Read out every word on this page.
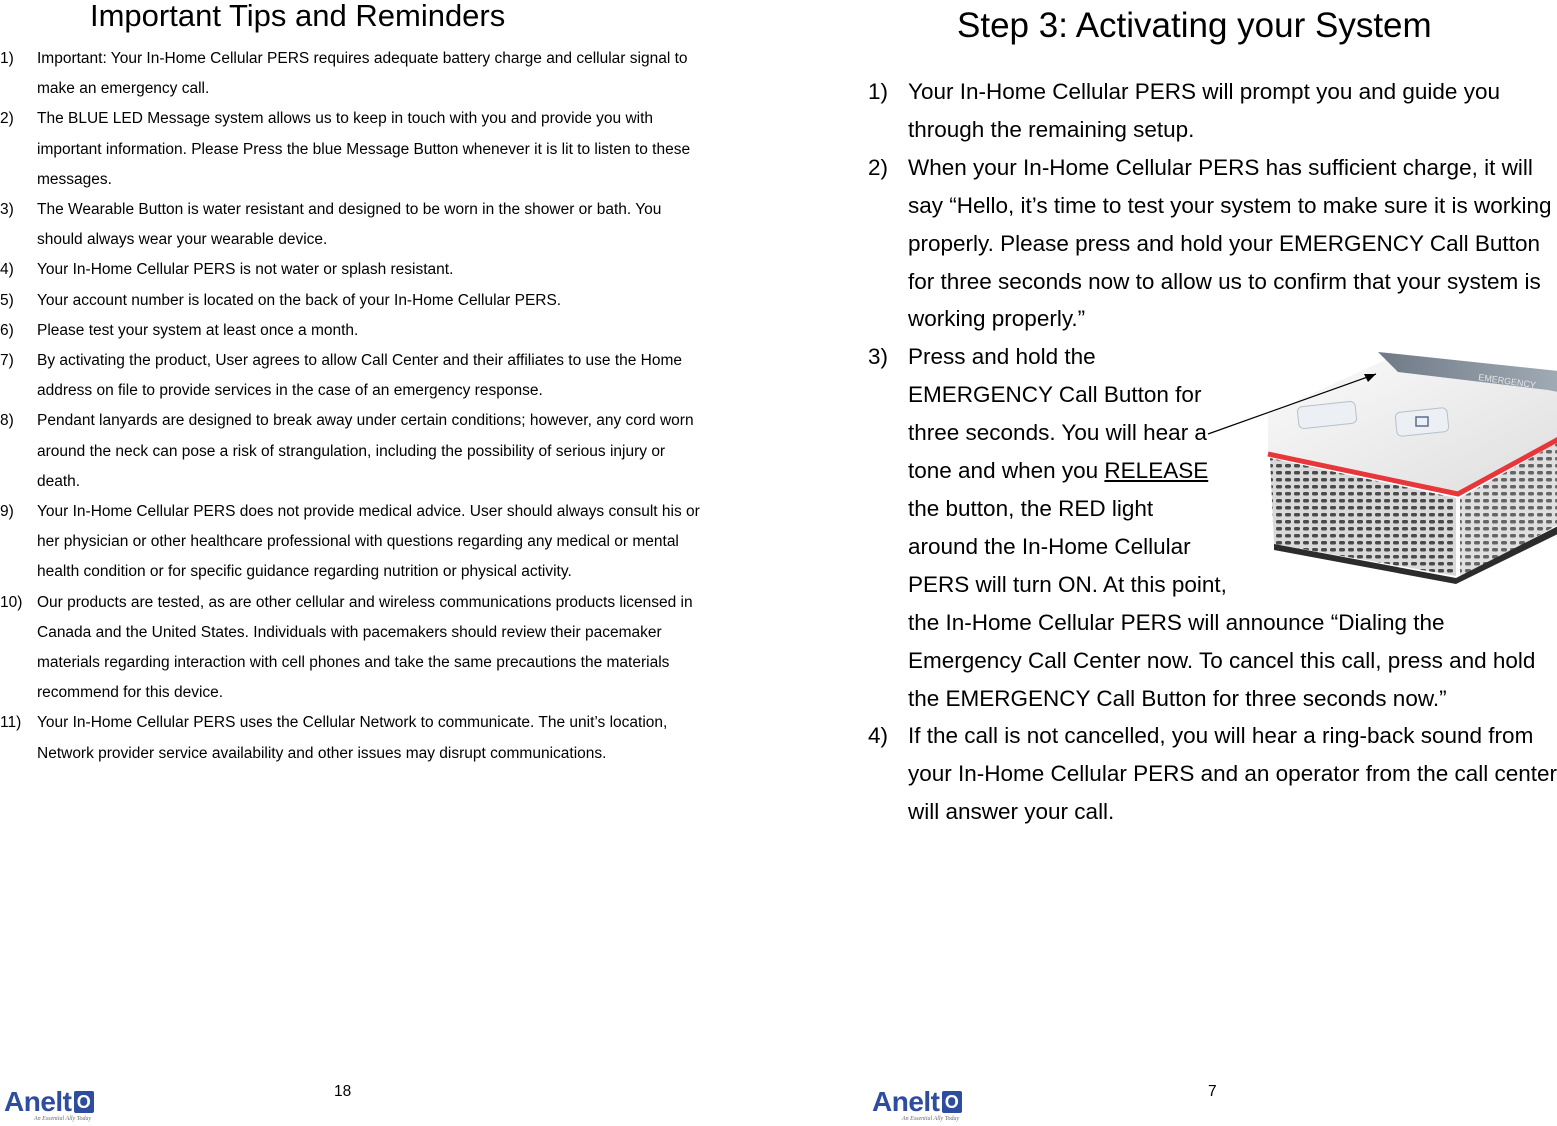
Important Tips and Reminders
1) Important: Your In-Home Cellular PERS requires adequate battery charge and cellular signal to make an emergency call.
2) The BLUE LED Message system allows us to keep in touch with you and provide you with important information. Please Press the blue Message Button whenever it is lit to listen to these messages.
3) The Wearable Button is water resistant and designed to be worn in the shower or bath. You should always wear your wearable device.
4) Your In-Home Cellular PERS is not water or splash resistant.
5) Your account number is located on the back of your In-Home Cellular PERS.
6) Please test your system at least once a month.
7) By activating the product, User agrees to allow Call Center and their affiliates to use the Home address on file to provide services in the case of an emergency response.
8) Pendant lanyards are designed to break away under certain conditions; however, any cord worn around the neck can pose a risk of strangulation, including the possibility of serious injury or death.
9) Your In-Home Cellular PERS does not provide medical advice. User should always consult his or her physician or other healthcare professional with questions regarding any medical or mental health condition or for specific guidance regarding nutrition or physical activity.
10) Our products are tested, as are other cellular and wireless communications products licensed in Canada and the United States. Individuals with pacemakers should review their pacemaker materials regarding interaction with cell phones and take the same precautions the materials recommend for this device.
11) Your In-Home Cellular PERS uses the Cellular Network to communicate. The unit’s location, Network provider service availability and other issues may disrupt communications.
Anelt O
An Essential Ally Today
18
Step 3: Activating your System
1) Your In-Home Cellular PERS will prompt you and guide you through the remaining setup.
2) When your In-Home Cellular PERS has sufficient charge, it will say “Hello, it’s time to test your system to make sure it is working properly. Please press and hold your EMERGENCY Call Button for three seconds now to allow us to confirm that your system is working properly.”
3)
EMERGENCY
Press and hold the EMERGENCY Call Button for three seconds. You will hear a tone and when you RELEASE the button, the RED light around the In-Home Cellular PERS will turn ON. At this point, the In-Home Cellular PERS will announce “Dialing the Emergency Call Center now. To cancel this call, press and hold the EMERGENCY Call Button for three seconds now.”
4) If the call is not cancelled, you will hear a ring-back sound from your In-Home Cellular PERS and an operator from the call center will answer your call.
Anelt O
An Essential Ally Today
7
